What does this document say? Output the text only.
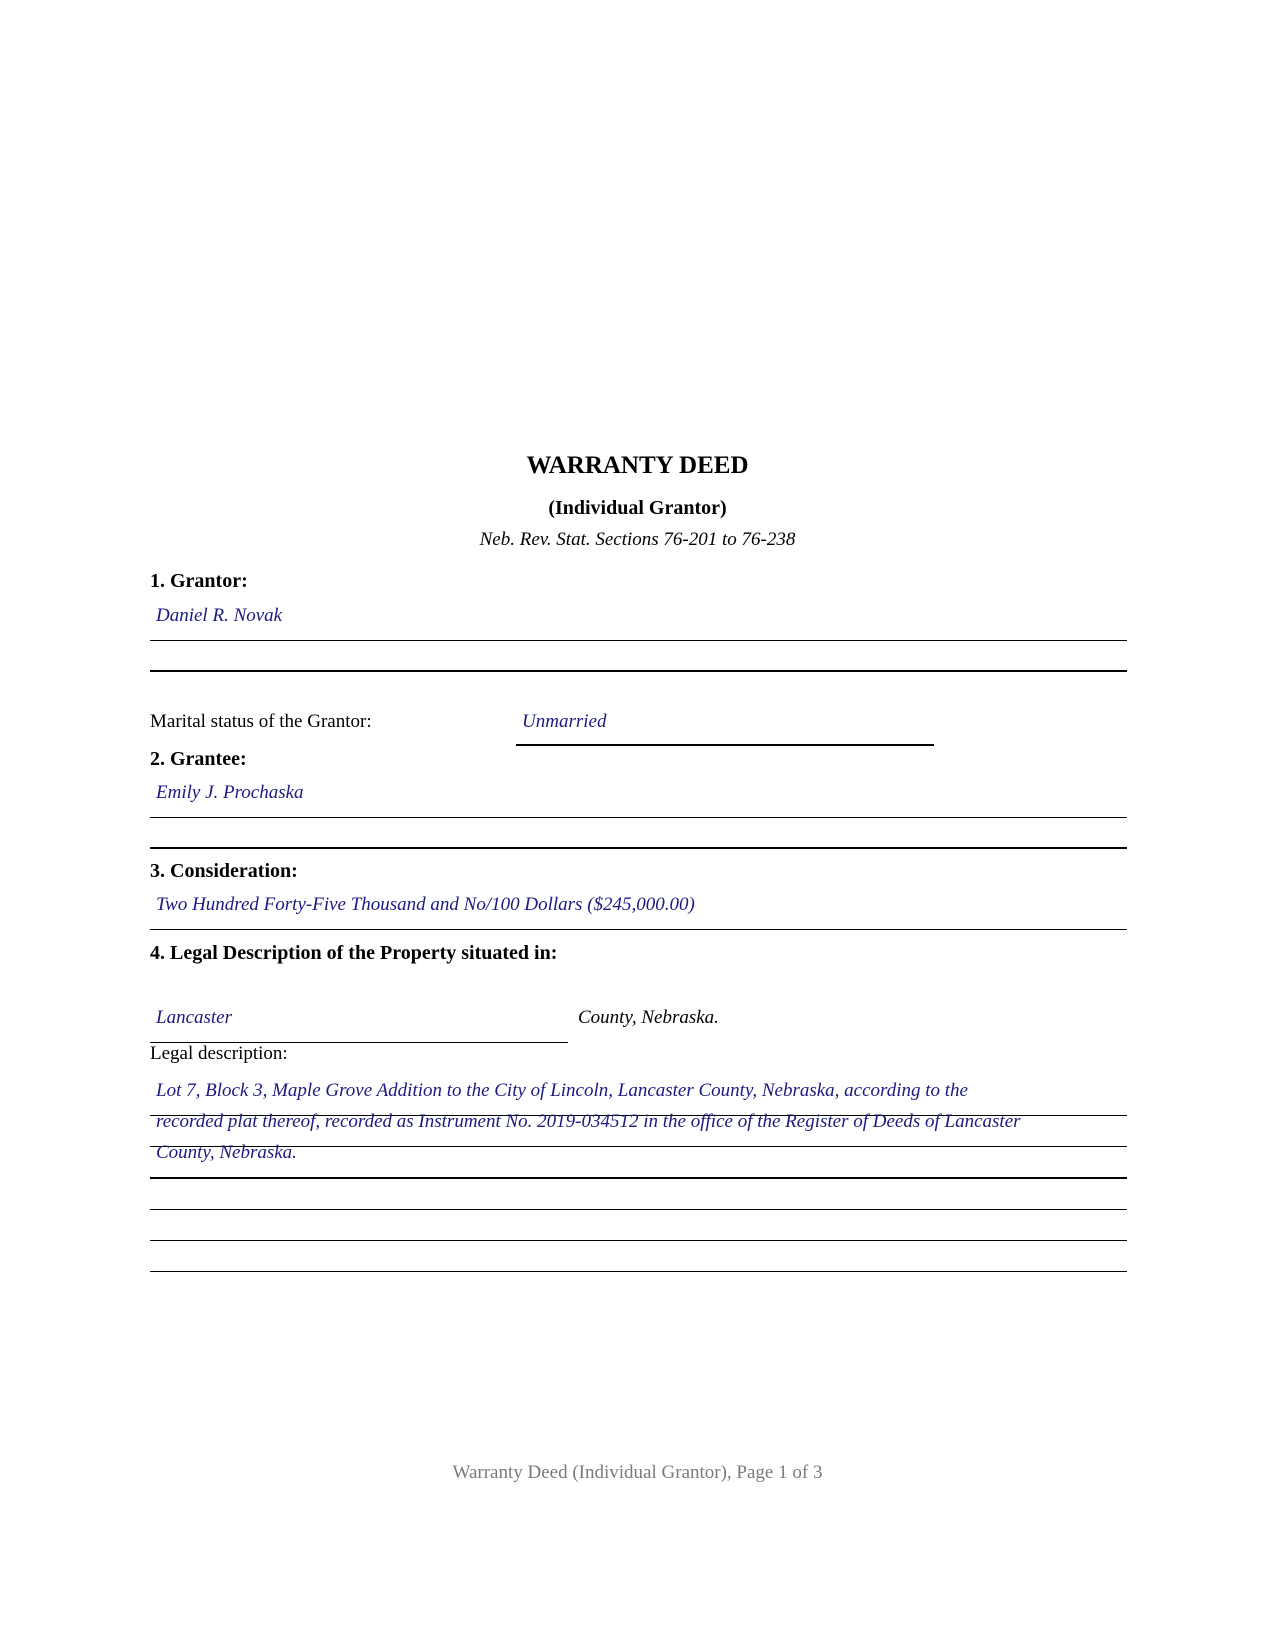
WARRANTY DEED
(Individual Grantor)
Neb. Rev. Stat. Sections 76-201 to 76-238
1. Grantor:
Daniel R. Novak
Marital status of the Grantor:	Unmarried
2. Grantee:
Emily J. Prochaska
3. Consideration:
Two Hundred Forty-Five Thousand and No/100 Dollars ($245,000.00)
4. Legal Description of the Property situated in:
Lancaster	County, Nebraska.
Legal description:
Lot 7, Block 3, Maple Grove Addition to the City of Lincoln, Lancaster County, Nebraska, according to the
recorded plat thereof, recorded as Instrument No. 2019-034512 in the office of the Register of Deeds of Lancaster
County, Nebraska.
Warranty Deed (Individual Grantor), Page 1 of 3
